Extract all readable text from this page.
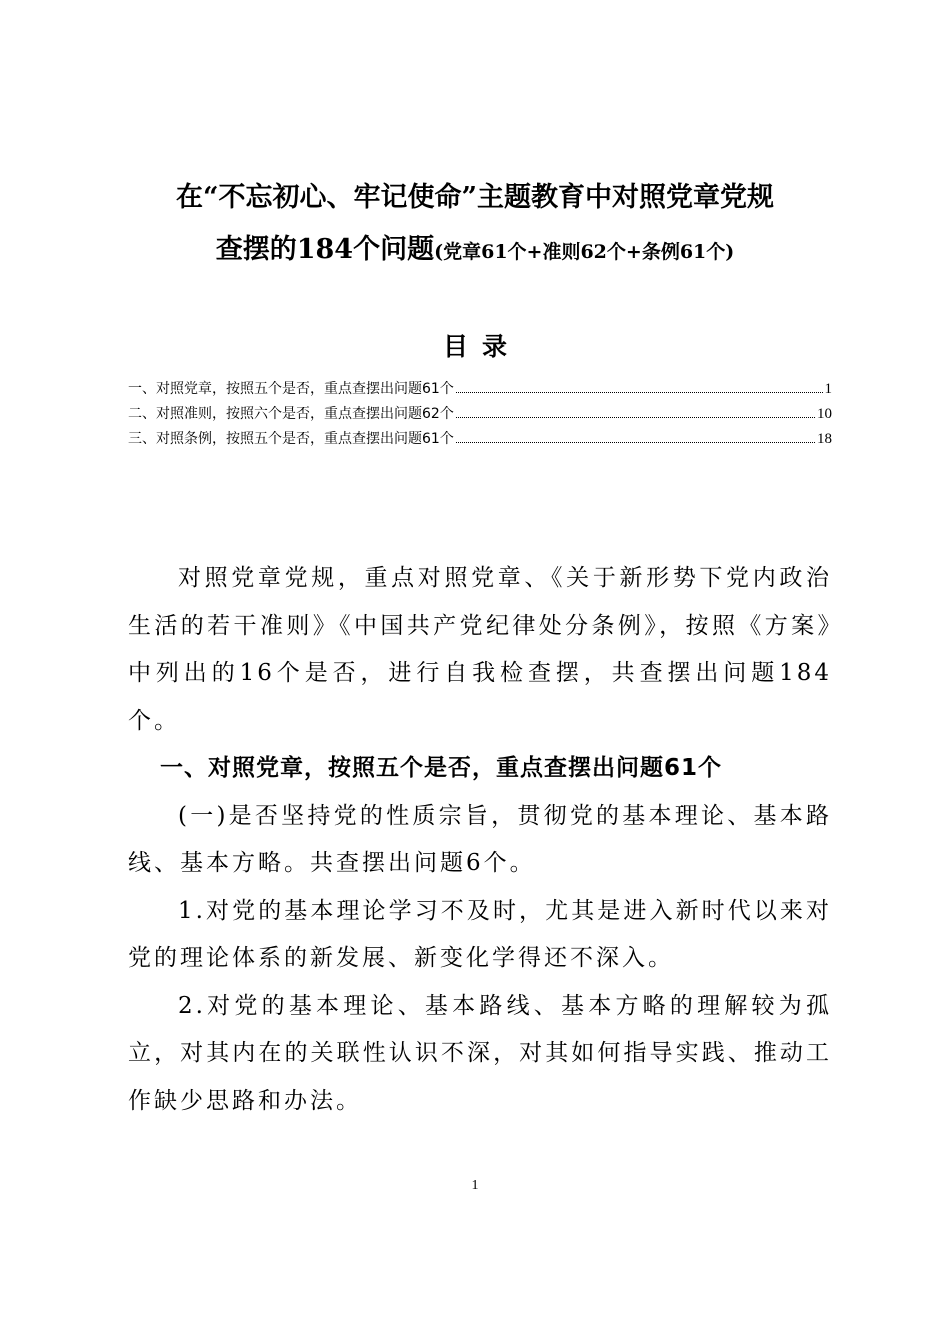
在“不忘初心、牢记使命”主题教育中对照党章党规
查摆的184个问题(党章61个+准则62个+条例61个)
目录
一、对照党章，按照五个是否，重点查摆出问题61个	1
二、对照准则，按照六个是否，重点查摆出问题62个	10
三、对照条例，按照五个是否，重点查摆出问题61个	18

对照党章党规，重点对照党章、《关于新形势下党内政治生活的若干准则》《中国共产党纪律处分条例》，按照《方案》中列出的16个是否，进行自我检查摆，共查摆出问题184个。

一、对照党章，按照五个是否，重点查摆出问题61个

(一)是否坚持党的性质宗旨，贯彻党的基本理论、基本路线、基本方略。共查摆出问题6个。

1.对党的基本理论学习不及时，尤其是进入新时代以来对党的理论体系的新发展、新变化学得还不深入。

2.对党的基本理论、基本路线、基本方略的理解较为孤立，对其内在的关联性认识不深，对其如何指导实践、推动工作缺少思路和办法。

1
